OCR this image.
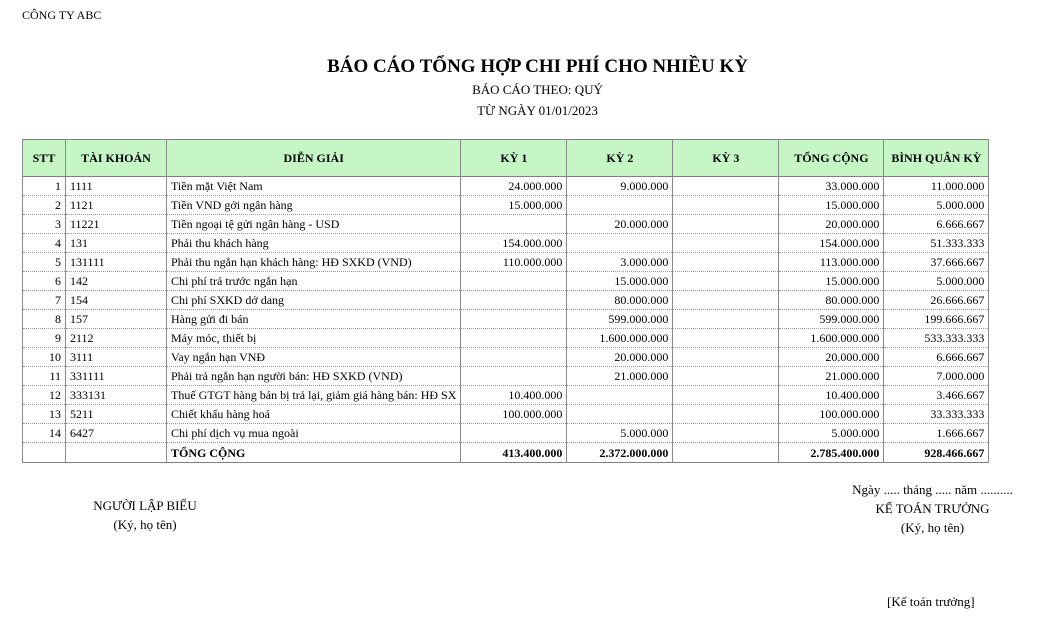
CÔNG TY ABC
BÁO CÁO TỔNG HỢP CHI PHÍ CHO NHIỀU KỲ
BÁO CÁO THEO: QUÝ
TỪ NGÀY 01/01/2023
STT	TÀI KHOẢN	DIỄN GIẢI	KỲ 1	KỲ 2	KỲ 3	TỔNG CỘNG	BÌNH QUÂN KỲ
1	1111	Tiền mặt Việt Nam	24.000.000	9.000.000		33.000.000	11.000.000
2	1121	Tiền VND gởi ngân hàng	15.000.000			15.000.000	5.000.000
3	11221	Tiền ngoại tệ gửi ngân hàng - USD		20.000.000		20.000.000	6.666.667
4	131	Phải thu khách hàng	154.000.000			154.000.000	51.333.333
5	131111	Phải thu ngắn hạn khách hàng: HĐ SXKD (VND)	110.000.000	3.000.000		113.000.000	37.666.667
6	142	Chi phí trả trước ngắn hạn		15.000.000		15.000.000	5.000.000
7	154	Chi phí SXKD dở dang		80.000.000		80.000.000	26.666.667
8	157	Hàng gửi đi bán		599.000.000		599.000.000	199.666.667
9	2112	Máy móc, thiết bị		1.600.000.000		1.600.000.000	533.333.333
10	3111	Vay ngắn hạn VNĐ		20.000.000		20.000.000	6.666.667
11	331111	Phải trả ngắn hạn người bán: HĐ SXKD (VND)		21.000.000		21.000.000	7.000.000
12	333131	Thuế GTGT hàng bán bị trả lại, giảm giá hàng bán: HĐ SX	10.400.000			10.400.000	3.466.667
13	5211	Chiết khấu hàng hoá	100.000.000			100.000.000	33.333.333
14	6427	Chi phí dịch vụ mua ngoài		5.000.000		5.000.000	1.666.667
		TỔNG CỘNG	413.400.000	2.372.000.000		2.785.400.000	928.466.667
NGƯỜI LẬP BIỂU
(Ký, họ tên)
Ngày ..... tháng ..... năm ..........
KẾ TOÁN TRƯỞNG
(Ký, họ tên)
[Kế toán trưởng]
